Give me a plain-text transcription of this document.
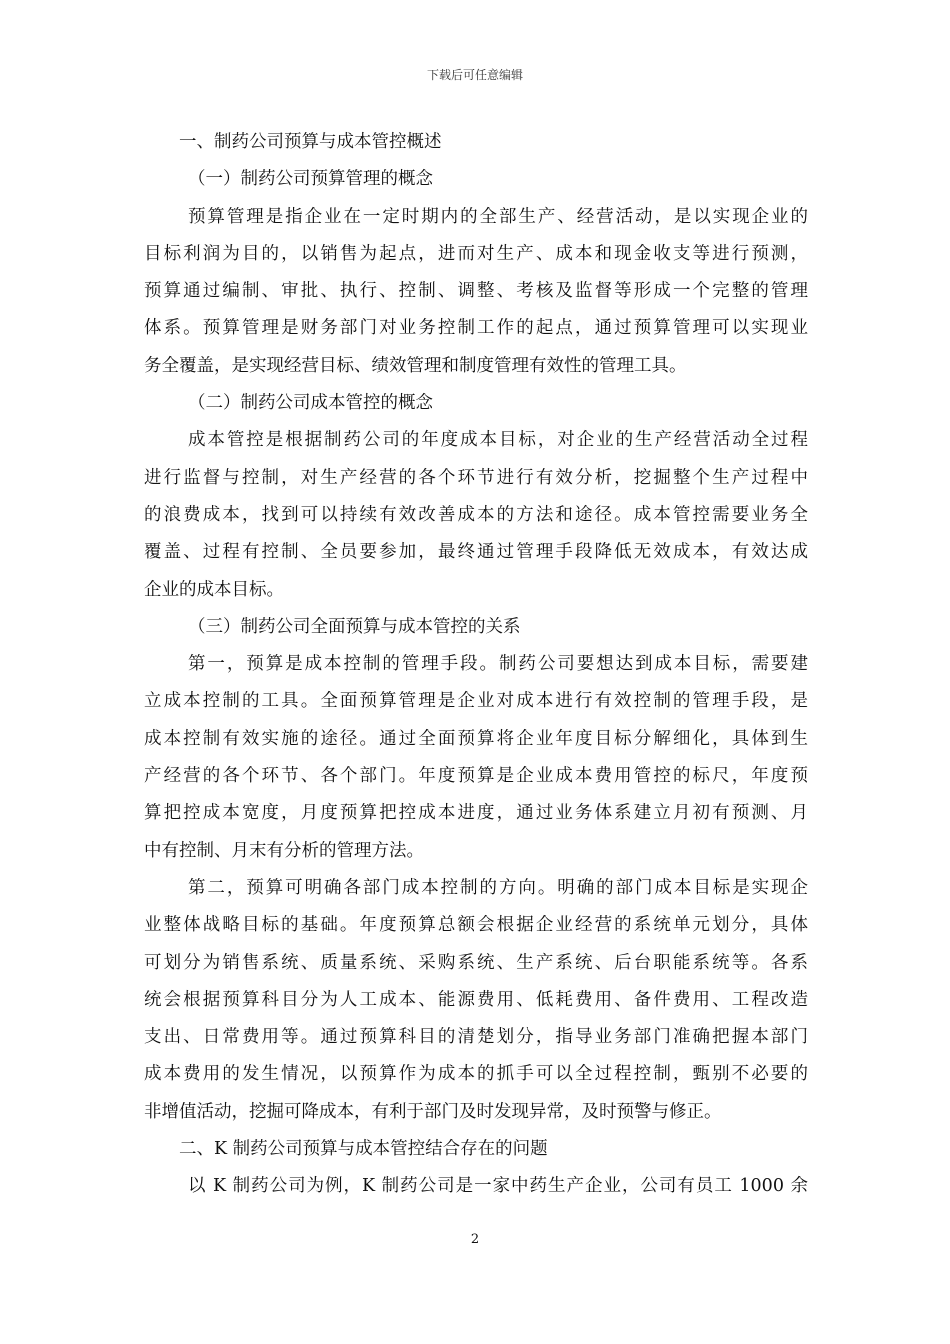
下载后可任意编辑
一、制药公司预算与成本管控概述
（一）制药公司预算管理的概念
预算管理是指企业在一定时期内的全部生产、经营活动，是以实现企业的
目标利润为目的，以销售为起点，进而对生产、成本和现金收支等进行预测，
预算通过编制、审批、执行、控制、调整、考核及监督等形成一个完整的管理
体系。预算管理是财务部门对业务控制工作的起点，通过预算管理可以实现业
务全覆盖，是实现经营目标、绩效管理和制度管理有效性的管理工具。
（二）制药公司成本管控的概念
成本管控是根据制药公司的年度成本目标，对企业的生产经营活动全过程
进行监督与控制，对生产经营的各个环节进行有效分析，挖掘整个生产过程中
的浪费成本，找到可以持续有效改善成本的方法和途径。成本管控需要业务全
覆盖、过程有控制、全员要参加，最终通过管理手段降低无效成本，有效达成
企业的成本目标。
（三）制药公司全面预算与成本管控的关系
第一，预算是成本控制的管理手段。制药公司要想达到成本目标，需要建
立成本控制的工具。全面预算管理是企业对成本进行有效控制的管理手段，是
成本控制有效实施的途径。通过全面预算将企业年度目标分解细化，具体到生
产经营的各个环节、各个部门。年度预算是企业成本费用管控的标尺，年度预
算把控成本宽度，月度预算把控成本进度，通过业务体系建立月初有预测、月
中有控制、月末有分析的管理方法。
第二，预算可明确各部门成本控制的方向。明确的部门成本目标是实现企
业整体战略目标的基础。年度预算总额会根据企业经营的系统单元划分，具体
可划分为销售系统、质量系统、采购系统、生产系统、后台职能系统等。各系
统会根据预算科目分为人工成本、能源费用、低耗费用、备件费用、工程改造
支出、日常费用等。通过预算科目的清楚划分，指导业务部门准确把握本部门
成本费用的发生情况，以预算作为成本的抓手可以全过程控制，甄别不必要的
非增值活动，挖掘可降成本，有利于部门及时发现异常，及时预警与修正。
二、K 制药公司预算与成本管控结合存在的问题
以 K 制药公司为例，K 制药公司是一家中药生产企业，公司有员工 1000 余
2
